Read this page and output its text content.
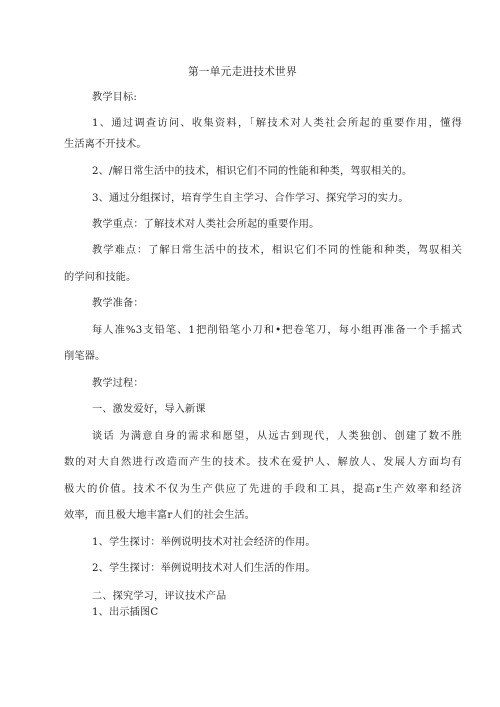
第一单元走进技术世界
教学目标:
1、通过调查访问、收集资料，「解技术对人类社会所起的重要作用，懂得
生活离不开技术。
2、/解日常生活中的技术，相识它们不同的性能和种类，驾驭相关的。
3、通过分组探讨，培育学生自主学习、合作学习、探究学习的实力。
教学重点：了解技术对人类社会所起的重要作用。
教学难点：了解日常生活中的技术，相识它们不同的性能和种类，驾驭相关
的学问和技能。
教学准备：
每人准%3支铅笔、1把削铅笔小刀和•把卷笔刀，每小组再准备一个手摇式
削笔器。
教学过程：
一、激发爱好，导入新课
谈话 为满意自身的需求和愿望，从远古到现代，人类独创、创建了数不胜
数的对大自然进行改造而产生的技术。技术在爱护人、解放人、发展人方面均有
极大的价值。技术不仅为生产供应了先进的手段和工具，提高r生产效率和经济
效率，而且极大地丰富r人们的社会生活。
1、学生探讨：举例说明技术对社会经济的作用。
2、学生探讨：举例说明技术对人们生活的作用。
二、探究学习，评议技术产品
1、出示插图C
